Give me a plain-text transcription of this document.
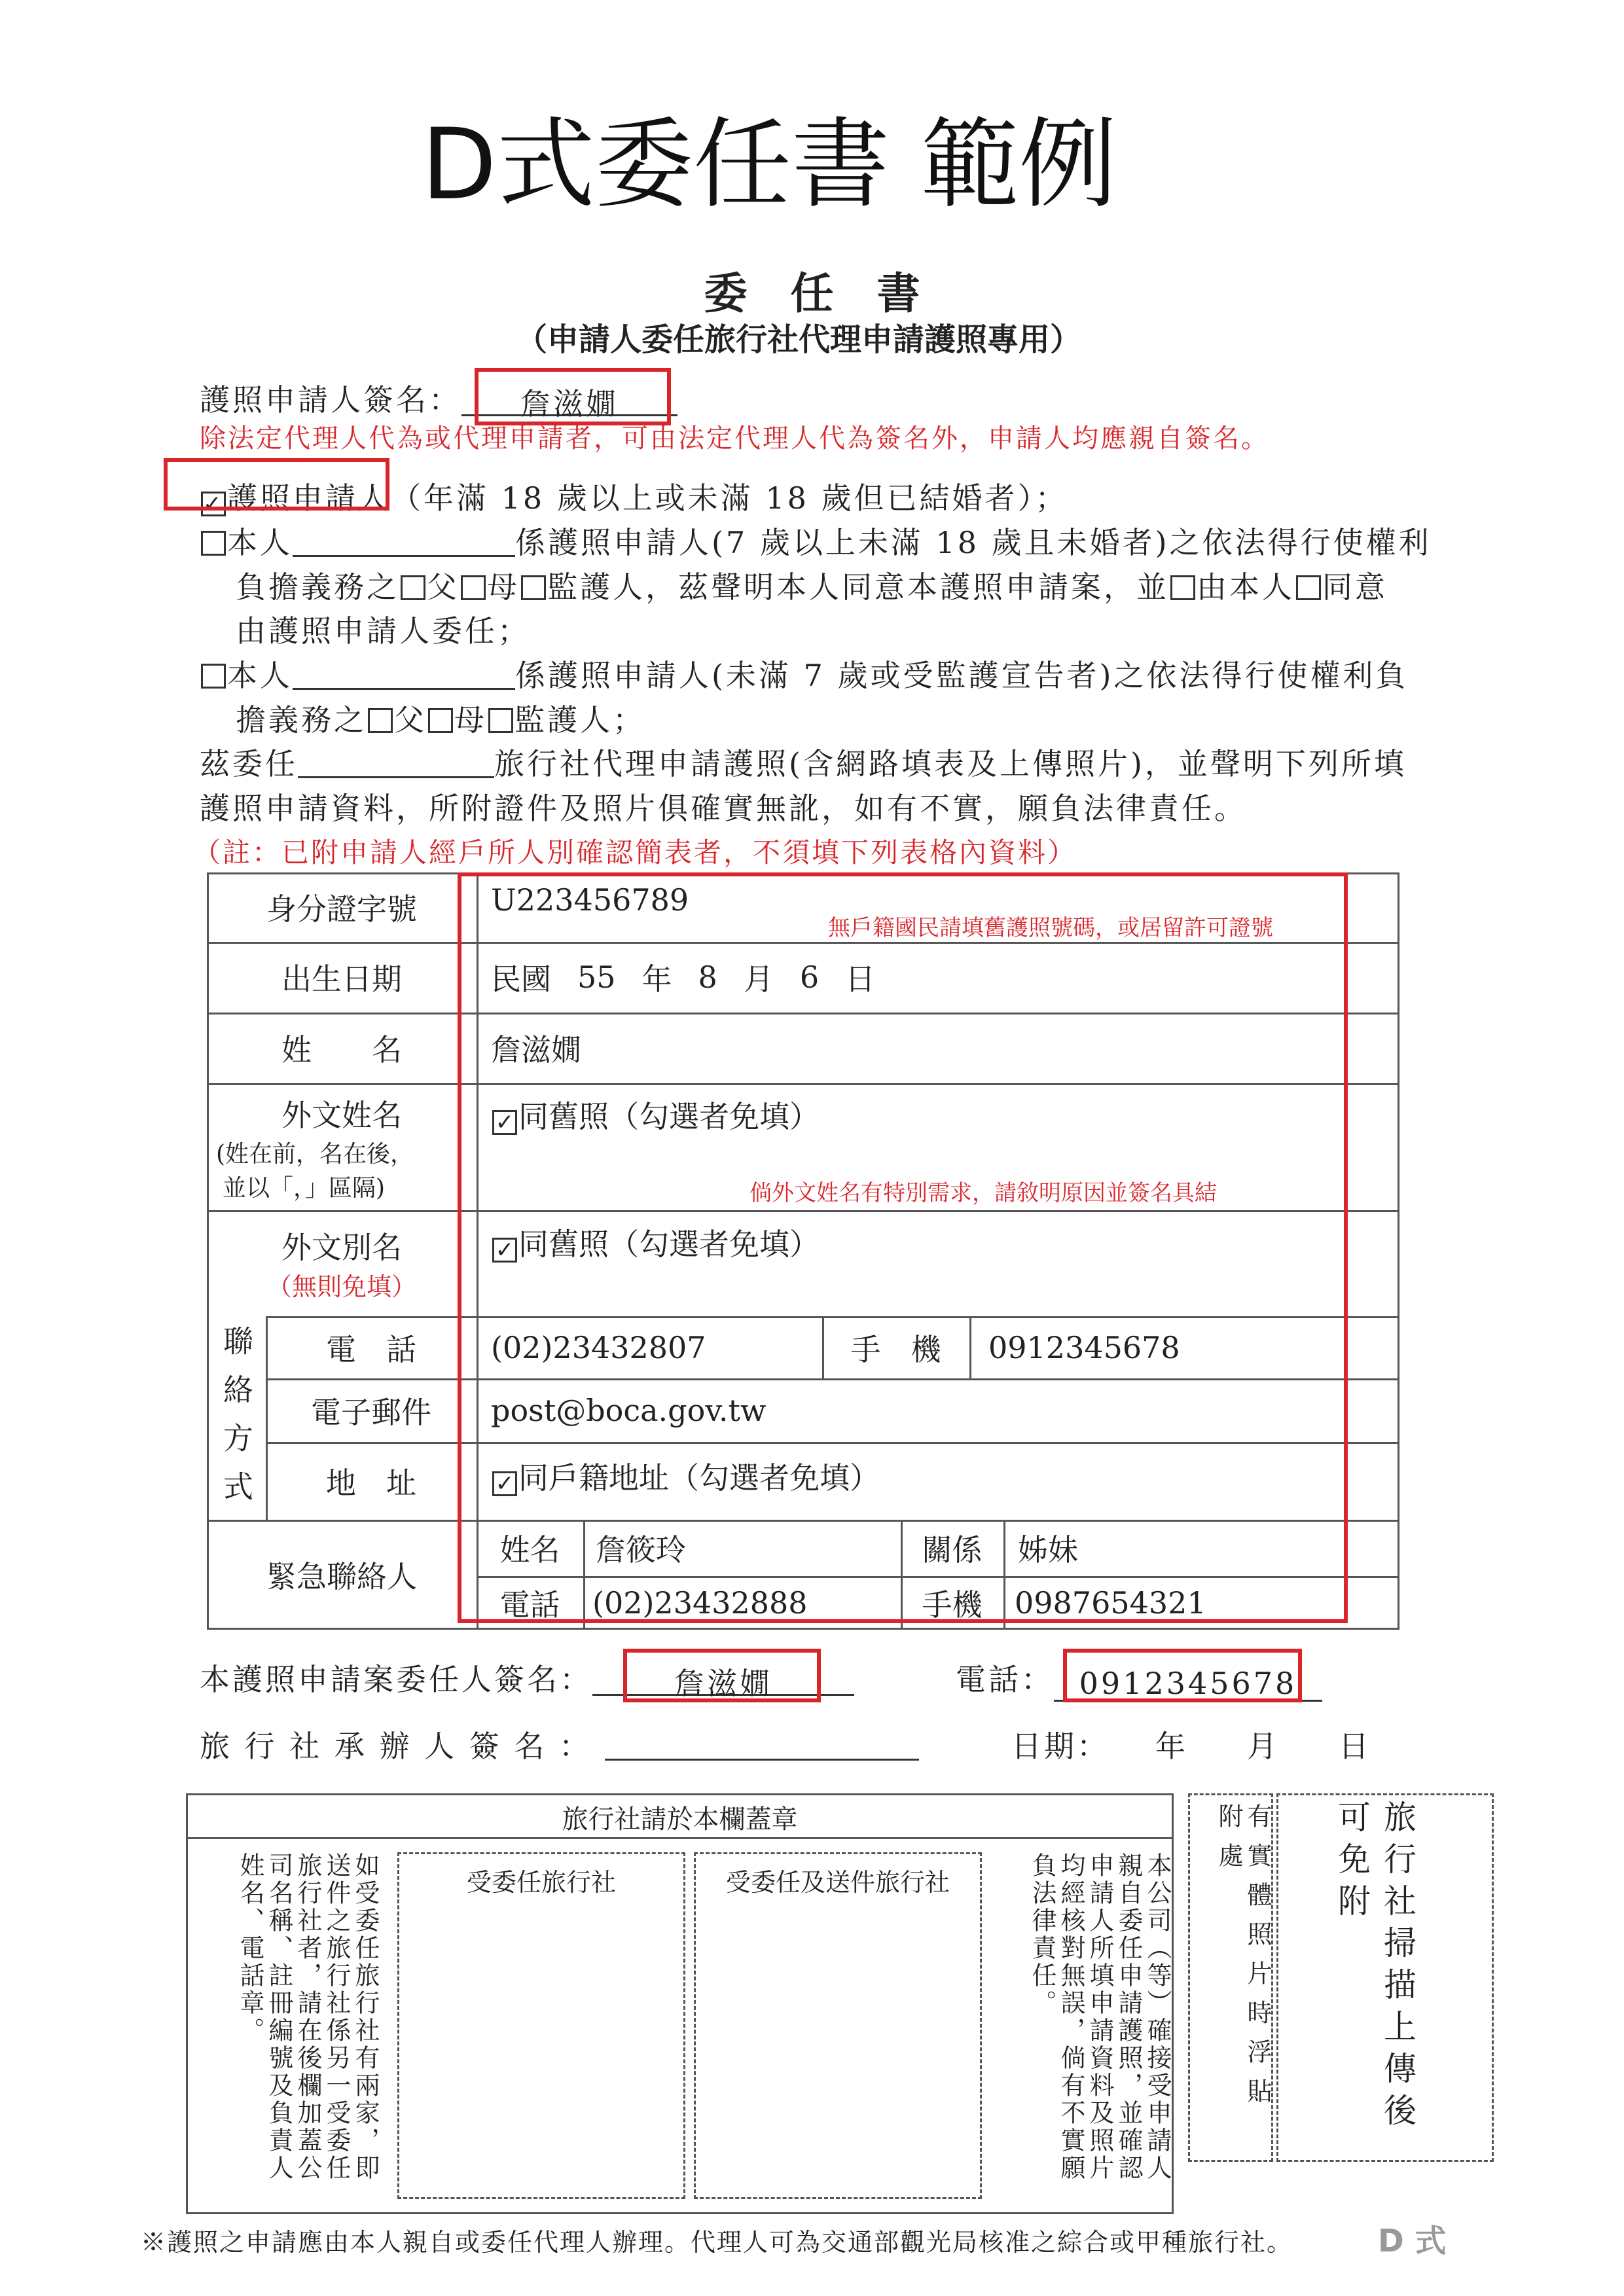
D式委任書 範例
委　任　書
（申請人委任旅行社代理申請護照專用）
護照申請人簽名： 詹滋嫺
除法定代理人代為或代理申請者，可由法定代理人代為簽名外，申請人均應親自簽名。
✓護照申請人（年滿 18 歲以上或未滿 18 歲但已結婚者）；
本人	係護照申請人(7 歲以上未滿 18 歲且未婚者)之依法得行使權利
負擔義務之 父 母 監護人，茲聲明本人同意本護照申請案，並 由本人 同意
由護照申請人委任；
本人	係護照申請人(未滿 7 歲或受監護宣告者)之依法得行使權利負
擔義務之 父 母 監護人；
茲委任	旅行社代理申請護照(含網路填表及上傳照片)，並聲明下列所填
護照申請資料，所附證件及照片俱確實無訛，如有不實，願負法律責任。
（註：已附申請人經戶所人別確認簡表者，不須填下列表格內資料）
身分證字號	U223456789
無戶籍國民請填舊護照號碼，或居留許可證號
出生日期	民國 55 年 8 月 6 日
姓　　名	詹滋嫺
外文姓名
(姓在前，名在後，
並以「，」區隔)
✓ 同舊照（勾選者免填）
倘外文姓名有特別需求，請敘明原因並簽名具結
外文別名
（無則免填）
✓ 同舊照（勾選者免填）
聯絡方式	電　話	(02)23432807	手　機	0912345678
電子郵件	post@boca.gov.tw
地　址	✓ 同戶籍地址（勾選者免填）
緊急聯絡人
姓名	詹筱玲	關係	姊妹
電話	(02)23432888	手機	0987654321
本護照申請案委任人簽名：	詹滋嫺	電話： 0912345678
旅 行 社 承 辦 人 簽 名 ：	日期： 年 月 日
旅行社請於本欄蓋章
如受委任旅行社有兩家，即送件之旅行社係另一受委任旅行社者，請在後欄加蓋公司名稱、註冊編號及負責人姓名、電話章。	受委任旅行社	受委任及送件旅行社	本公司（等）確接受申請人親自委任申請護照，並確認申請人所填申請資料及照片均經核對無誤，倘有不實願負法律責任。	有實體照片時浮貼附處	旅行社掃描上傳後可免附
※護照之申請應由本人親自或委任代理人辦理。代理人可為交通部觀光局核准之綜合或甲種旅行社。	D 式
